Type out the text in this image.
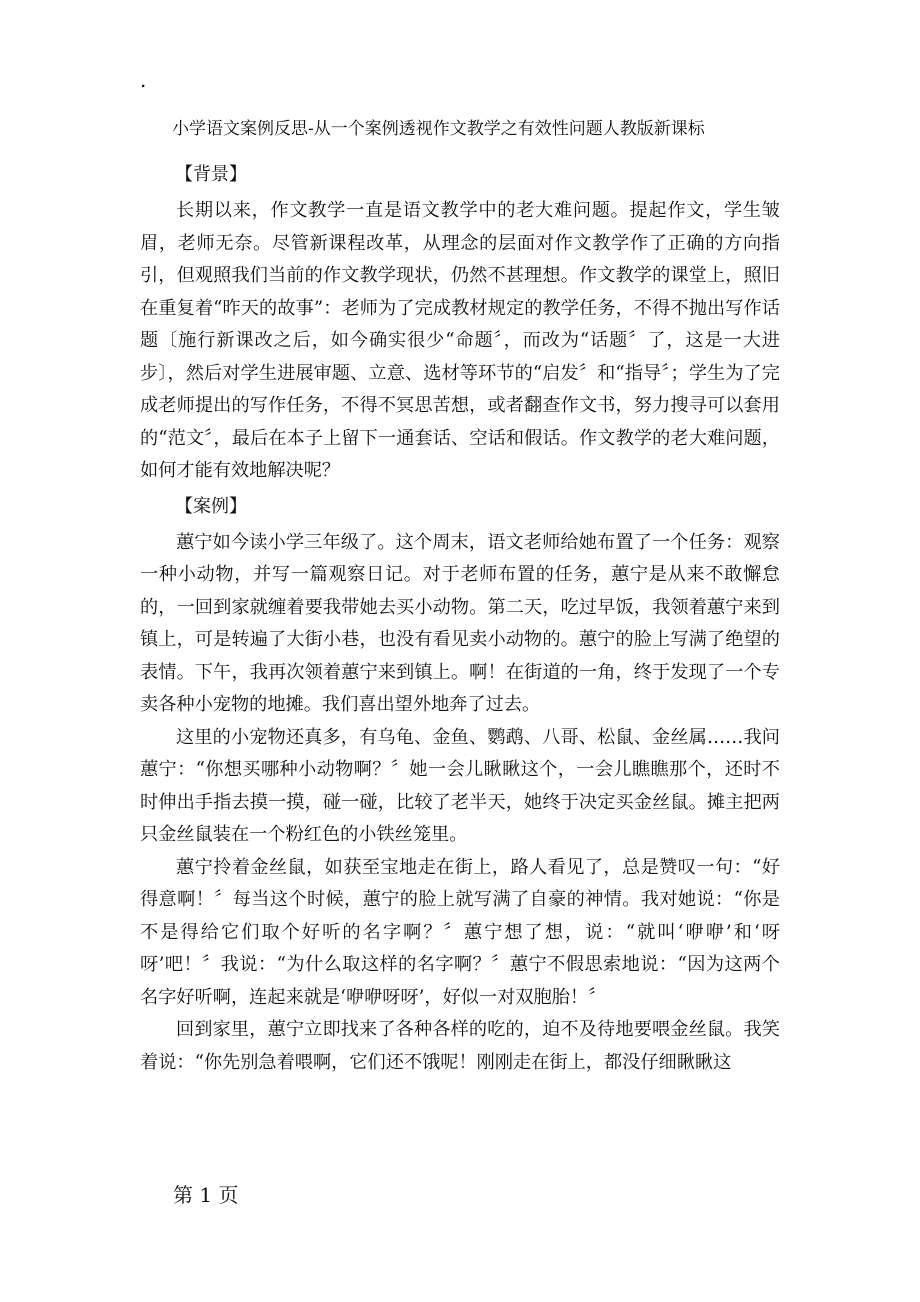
.
小学语文案例反思-从一个案例透视作文教学之有效性问题人教版新课标
【背景】

长期以来，作文教学一直是语文教学中的老大难问题。提起作文，学生皱眉，老师无奈。尽管新课程改革，从理念的层面对作文教学作了正确的方向指引，但观照我们当前的作文教学现状，仍然不甚理想。作文教学的课堂上，照旧在重复着“昨天的故事”：老师为了完成教材规定的教学任务，不得不抛出写作话题〔施行新课改之后，如今确实很少“命题〞，而改为“话题〞了，这是一大进步〕，然后对学生进展审题、立意、选材等环节的“启发〞和“指导〞；学生为了完成老师提出的写作任务，不得不冥思苦想，或者翻查作文书，努力搜寻可以套用的“范文〞，最后在本子上留下一通套话、空话和假话。作文教学的老大难问题，如何才能有效地解决呢？

【案例】

蕙宁如今读小学三年级了。这个周末，语文老师给她布置了一个任务：观察一种小动物，并写一篇观察日记。对于老师布置的任务，蕙宁是从来不敢懈怠的，一回到家就缠着要我带她去买小动物。第二天，吃过早饭，我领着蕙宁来到镇上，可是转遍了大街小巷，也没有看见卖小动物的。蕙宁的脸上写满了绝望的表情。下午，我再次领着蕙宁来到镇上。啊！在街道的一角，终于发现了一个专卖各种小宠物的地摊。我们喜出望外地奔了过去。

这里的小宠物还真多，有乌龟、金鱼、鹦鹉、八哥、松鼠、金丝属……我问蕙宁：“你想买哪种小动物啊？〞她一会儿瞅瞅这个，一会儿瞧瞧那个，还时不时伸出手指去摸一摸，碰一碰，比较了老半天，她终于决定买金丝鼠。摊主把两只金丝鼠装在一个粉红色的小铁丝笼里。

蕙宁拎着金丝鼠，如获至宝地走在街上，路人看见了，总是赞叹一句：“好得意啊！〞每当这个时候，蕙宁的脸上就写满了自豪的神情。我对她说：“你是不是得给它们取个好听的名字啊？〞蕙宁想了想，说：“就叫‘咿咿’和‘呀呀’吧！〞我说：“为什么取这样的名字啊？〞蕙宁不假思索地说：“因为这两个名字好听啊，连起来就是‘咿咿呀呀’，好似一对双胞胎！〞

回到家里，蕙宁立即找来了各种各样的吃的，迫不及待地要喂金丝鼠。我笑着说：“你先别急着喂啊，它们还不饿呢！刚刚走在街上，都没仔细瞅瞅这

第 1 页
